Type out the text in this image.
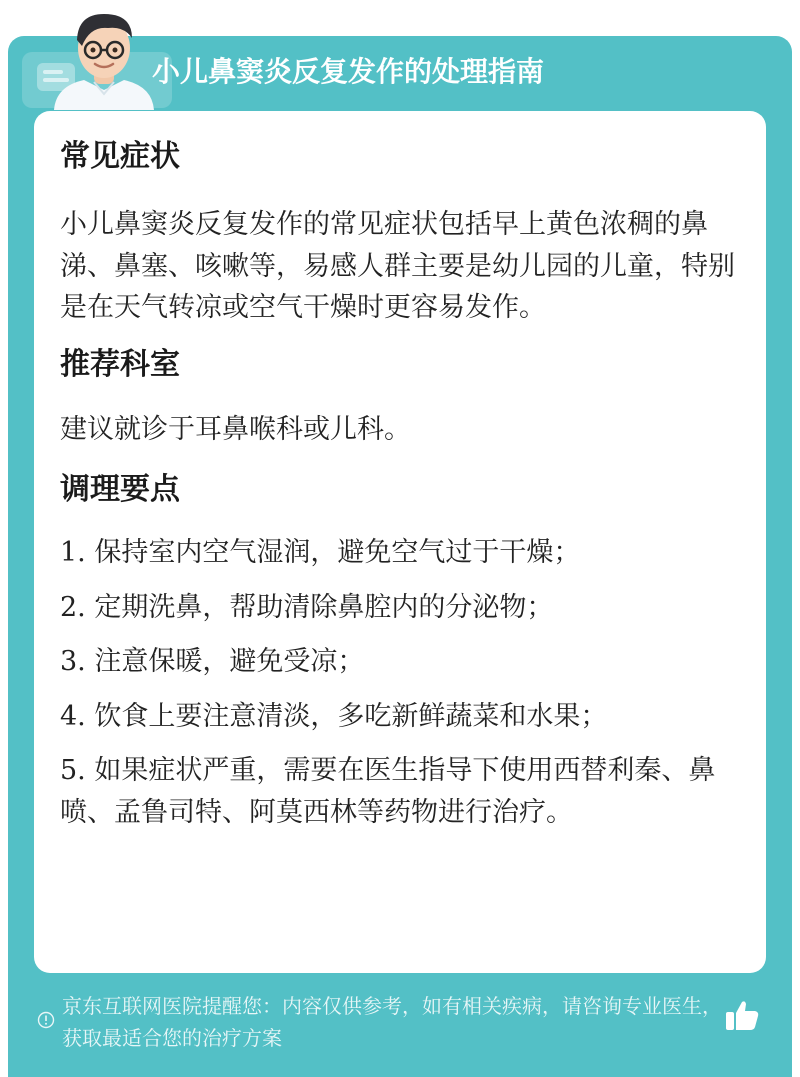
小儿鼻窦炎反复发作的处理指南
常见症状

小儿鼻窦炎反复发作的常见症状包括早上黄色浓稠的鼻涕、鼻塞、咳嗽等，易感人群主要是幼儿园的儿童，特别是在天气转凉或空气干燥时更容易发作。

推荐科室

建议就诊于耳鼻喉科或儿科。

调理要点

1. 保持室内空气湿润，避免空气过于干燥；

2. 定期洗鼻，帮助清除鼻腔内的分泌物；

3. 注意保暖，避免受凉；

4. 饮食上要注意清淡，多吃新鲜蔬菜和水果；

5. 如果症状严重，需要在医生指导下使用西替利秦、鼻喷、孟鲁司特、阿莫西林等药物进行治疗。

京东互联网医院提醒您：内容仅供参考，如有相关疾病，请咨询专业医生，获取最适合您的治疗方案
